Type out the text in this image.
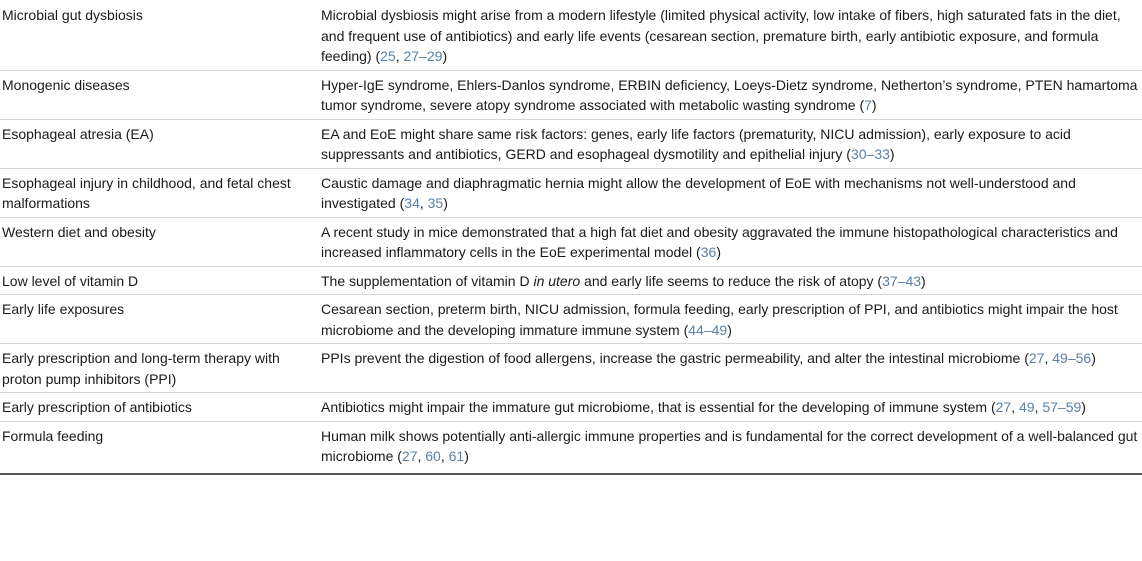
Microbial gut dysbiosis	Microbial dysbiosis might arise from a modern lifestyle (limited physical activity, low intake of fibers, high saturated fats in the diet, and frequent use of antibiotics) and early life events (cesarean section, premature birth, early antibiotic exposure, and formula feeding) (25, 27–29)
Monogenic diseases	Hyper-IgE syndrome, Ehlers-Danlos syndrome, ERBIN deficiency, Loeys-Dietz syndrome, Netherton’s syndrome, PTEN hamartoma tumor syndrome, severe atopy syndrome associated with metabolic wasting syndrome (7)
Esophageal atresia (EA)	EA and EoE might share same risk factors: genes, early life factors (prematurity, NICU admission), early exposure to acid suppressants and antibiotics, GERD and esophageal dysmotility and epithelial injury (30–33)
Esophageal injury in childhood, and fetal chest malformations	Caustic damage and diaphragmatic hernia might allow the development of EoE with mechanisms not well-understood and investigated (34, 35)
Western diet and obesity	A recent study in mice demonstrated that a high fat diet and obesity aggravated the immune histopathological characteristics and increased inflammatory cells in the EoE experimental model (36)
Low level of vitamin D	The supplementation of vitamin D in utero and early life seems to reduce the risk of atopy (37–43)
Early life exposures	Cesarean section, preterm birth, NICU admission, formula feeding, early prescription of PPI, and antibiotics might impair the host microbiome and the developing immature immune system (44–49)
Early prescription and long-term therapy with proton pump inhibitors (PPI)	PPIs prevent the digestion of food allergens, increase the gastric permeability, and alter the intestinal microbiome (27, 49–56)
Early prescription of antibiotics	Antibiotics might impair the immature gut microbiome, that is essential for the developing of immune system (27, 49, 57–59)
Formula feeding	Human milk shows potentially anti-allergic immune properties and is fundamental for the correct development of a well-balanced gut microbiome (27, 60, 61)
